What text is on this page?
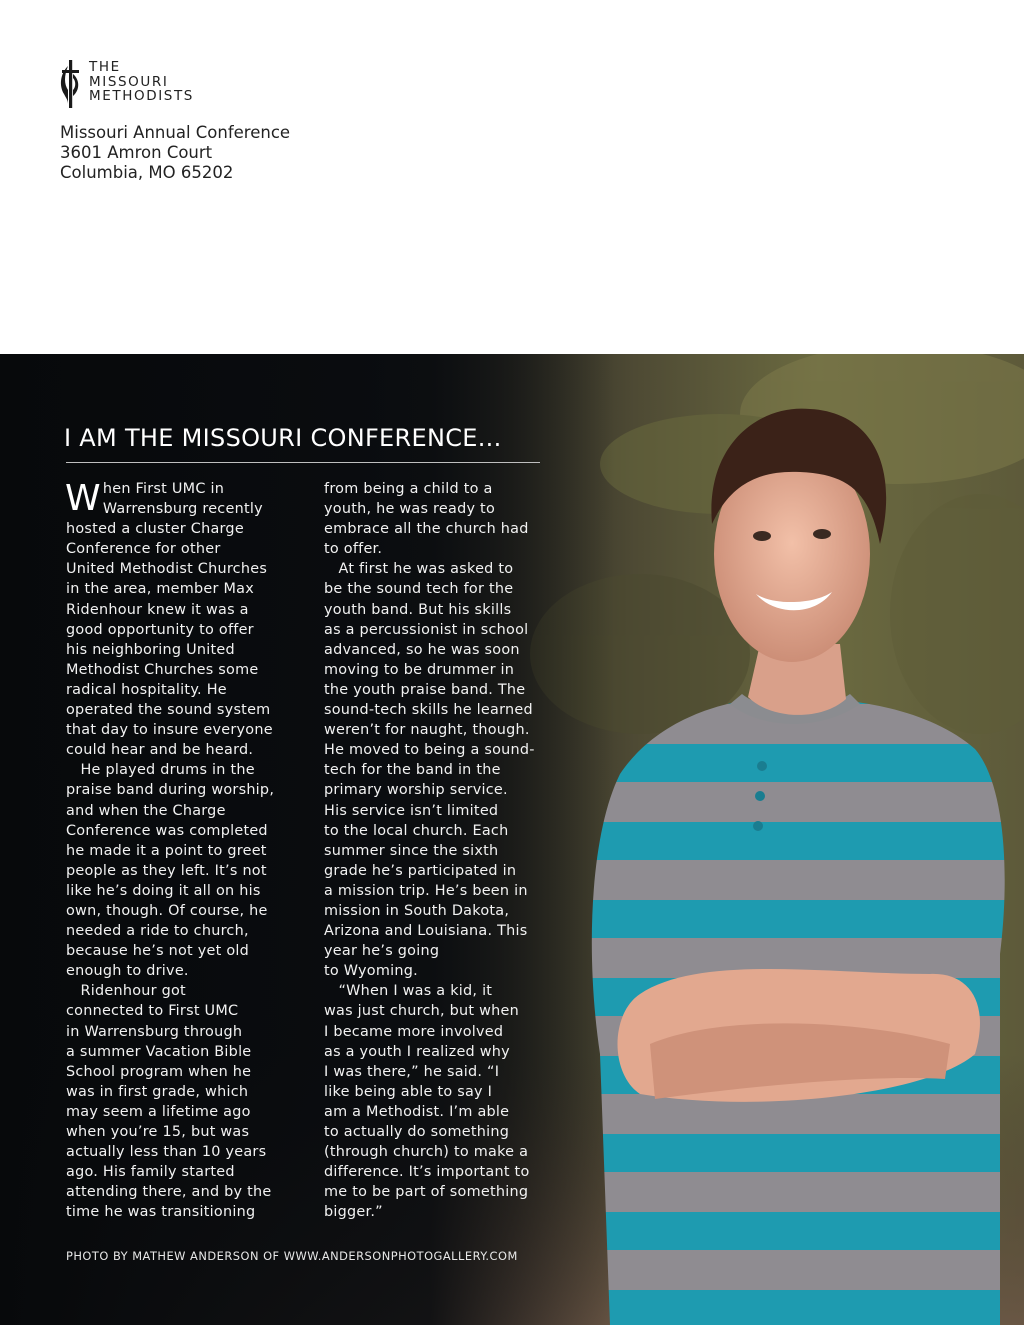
THE
MISSOURI
METHODISTS
Missouri Annual Conference
3601 Amron Court
Columbia, MO 65202
I AM THE MISSOURI CONFERENCE...
W hen First UMC in
Warrensburg recently
hosted a cluster Charge
Conference for other
United Methodist Churches
in the area, member Max
Ridenhour knew it was a
good opportunity to offer
his neighboring United
Methodist Churches some
radical hospitality. He
operated the sound system
that day to insure everyone
could hear and be heard.
He played drums in the
praise band during worship,
and when the Charge
Conference was completed
he made it a point to greet
people as they left. It’s not
like he’s doing it all on his
own, though. Of course, he
needed a ride to church,
because he’s not yet old
enough to drive.
Ridenhour got
connected to First UMC
in Warrensburg through
a summer Vacation Bible
School program when he
was in first grade, which
may seem a lifetime ago
when you’re 15, but was
actually less than 10 years
ago. His family started
attending there, and by the
time he was transitioning
from being a child to a
youth, he was ready to
embrace all the church had
to offer.
At first he was asked to
be the sound tech for the
youth band. But his skills
as a percussionist in school
advanced, so he was soon
moving to be drummer in
the youth praise band. The
sound-tech skills he learned
weren’t for naught, though.
He moved to being a sound-
tech for the band in the
primary worship service.
His service isn’t limited
to the local church. Each
summer since the sixth
grade he’s participated in
a mission trip. He’s been in
mission in South Dakota,
Arizona and Louisiana. This
year he’s going
to Wyoming.
“When I was a kid, it
was just church, but when
I became more involved
as a youth I realized why
I was there,” he said. “I
like being able to say I
am a Methodist. I’m able
to actually do something
(through church) to make a
difference. It’s important to
me to be part of something
bigger.”
PHOTO BY MATHEW ANDERSON OF WWW.ANDERSONPHOTOGALLERY.COM
